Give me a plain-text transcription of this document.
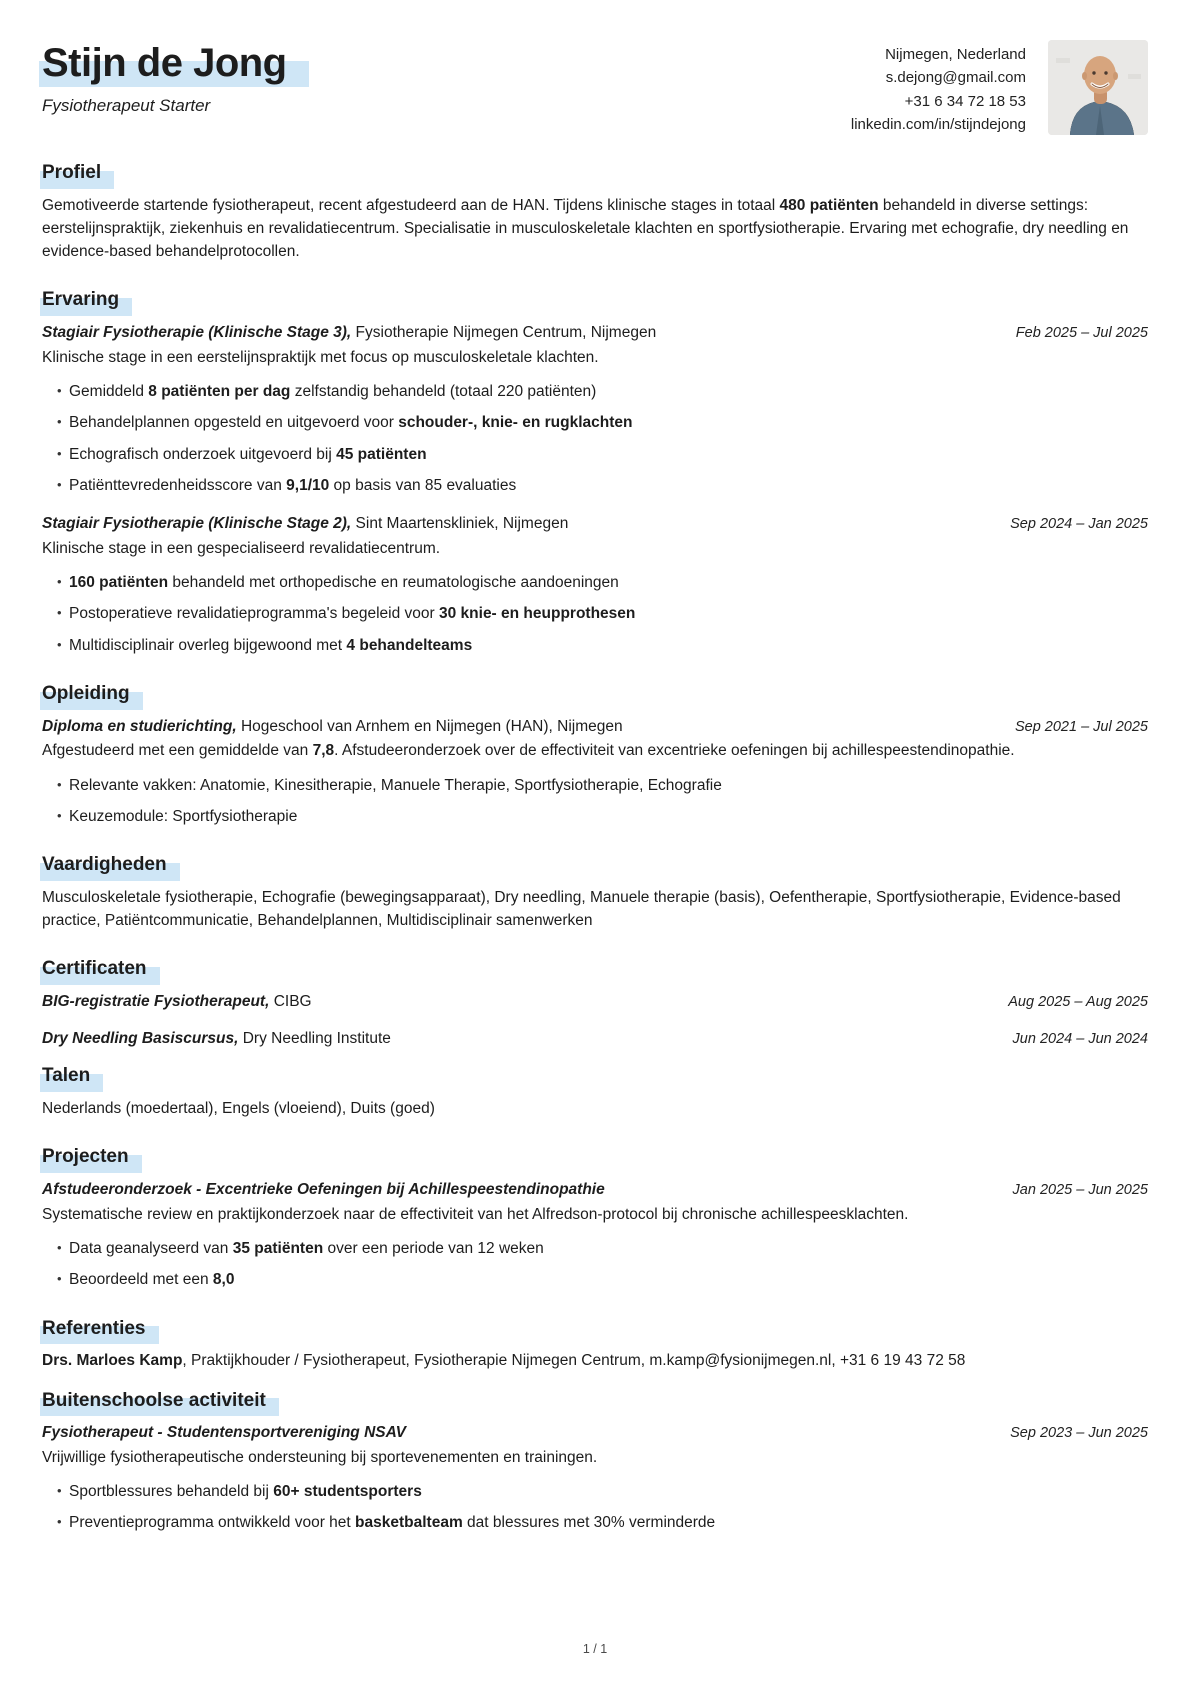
Stijn de Jong
Fysiotherapeut Starter
Nijmegen, Nederland
s.dejong@gmail.com
+31 6 34 72 18 53
linkedin.com/in/stijndejong
Profiel

Gemotiveerde startende fysiotherapeut, recent afgestudeerd aan de HAN. Tijdens klinische stages in totaal 480 patiënten behandeld in diverse settings: eerstelijnspraktijk, ziekenhuis en revalidatiecentrum. Specialisatie in musculoskeletale klachten en sportfysiotherapie. Ervaring met echografie, dry needling en evidence-based behandelprotocollen.

Ervaring
Stagiair Fysiotherapie (Klinische Stage 3), Fysiotherapie Nijmegen Centrum, Nijmegen	Feb 2025 – Jul 2025

Klinische stage in een eerstelijnspraktijk met focus op musculoskeletale klachten.

• Gemiddeld 8 patiënten per dag zelfstandig behandeld (totaal 220 patiënten)
• Behandelplannen opgesteld en uitgevoerd voor schouder-, knie- en rugklachten
• Echografisch onderzoek uitgevoerd bij 45 patiënten
• Patiënttevredenheidsscore van 9,1/10 op basis van 85 evaluaties
Stagiair Fysiotherapie (Klinische Stage 2), Sint Maartenskliniek, Nijmegen	Sep 2024 – Jan 2025

Klinische stage in een gespecialiseerd revalidatiecentrum.

• 160 patiënten behandeld met orthopedische en reumatologische aandoeningen
• Postoperatieve revalidatieprogramma's begeleid voor 30 knie- en heupprothesen
• Multidisciplinair overleg bijgewoond met 4 behandelteams
Opleiding
Diploma en studierichting, Hogeschool van Arnhem en Nijmegen (HAN), Nijmegen	Sep 2021 – Jul 2025

Afgestudeerd met een gemiddelde van 7,8. Afstudeeronderzoek over de effectiviteit van excentrieke oefeningen bij achillespeestendinopathie.

• Relevante vakken: Anatomie, Kinesitherapie, Manuele Therapie, Sportfysiotherapie, Echografie
• Keuzemodule: Sportfysiotherapie
Vaardigheden

Musculoskeletale fysiotherapie, Echografie (bewegingsapparaat), Dry needling, Manuele therapie (basis), Oefentherapie, Sportfysiotherapie, Evidence-based practice, Patiëntcommunicatie, Behandelplannen, Multidisciplinair samenwerken

Certificaten
BIG-registratie Fysiotherapeut, CIBG	Aug 2025 – Aug 2025
Dry Needling Basiscursus, Dry Needling Institute	Jun 2024 – Jun 2024
Talen

Nederlands (moedertaal), Engels (vloeiend), Duits (goed)

Projecten
Afstudeeronderzoek - Excentrieke Oefeningen bij Achillespeestendinopathie	Jan 2025 – Jun 2025

Systematische review en praktijkonderzoek naar de effectiviteit van het Alfredson-protocol bij chronische achillespeesklachten.

• Data geanalyseerd van 35 patiënten over een periode van 12 weken
• Beoordeeld met een 8,0
Referenties

Drs. Marloes Kamp, Praktijkhouder / Fysiotherapeut, Fysiotherapie Nijmegen Centrum, m.kamp@fysionijmegen.nl, +31 6 19 43 72 58

Buitenschoolse activiteit
Fysiotherapeut - Studentensportvereniging NSAV	Sep 2023 – Jun 2025

Vrijwillige fysiotherapeutische ondersteuning bij sportevenementen en trainingen.

• Sportblessures behandeld bij 60+ studentsporters
• Preventieprogramma ontwikkeld voor het basketbalteam dat blessures met 30% verminderde
1 / 1
